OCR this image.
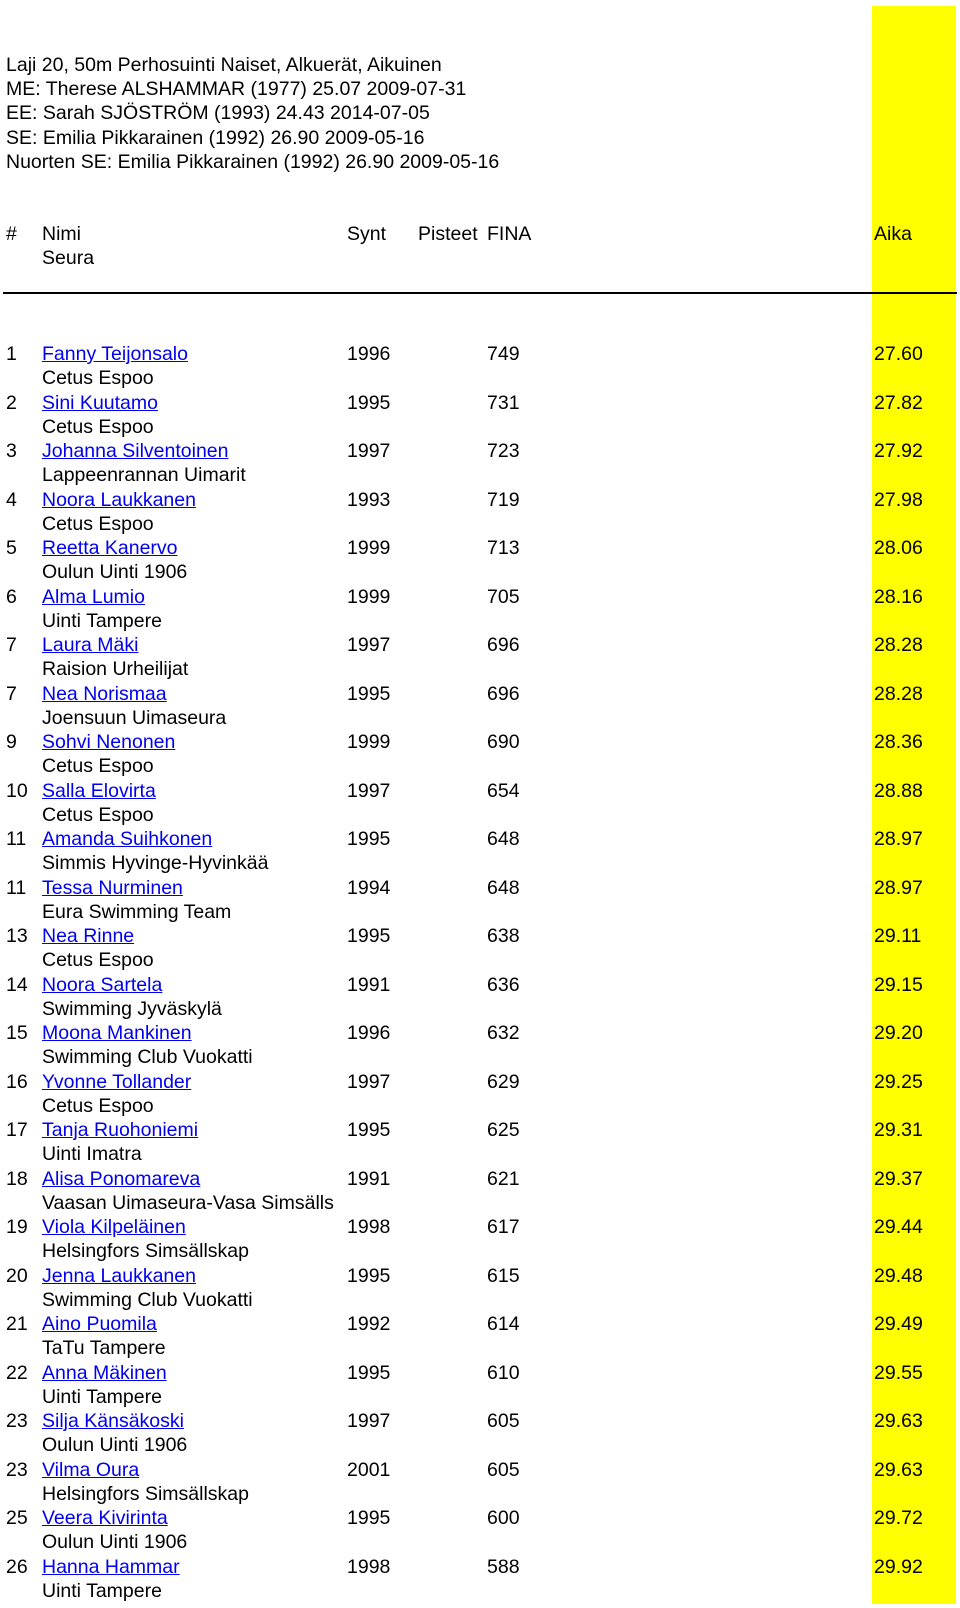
Laji 20, 50m Perhosuinti Naiset, Alkuerät, Aikuinen
ME: Therese ALSHAMMAR (1977) 25.07 2009-07-31
EE: Sarah SJÖSTRÖM (1993) 24.43 2014-07-05
SE: Emilia Pikkarainen (1992) 26.90 2009-05-16
Nuorten SE: Emilia Pikkarainen (1992) 26.90 2009-05-16
# Nimi
Seura
Synt Pisteet FINA	Aika
1 Fanny Teijonsalo	1996	749	27.60
Cetus Espoo
2 Sini Kuutamo	1995	731	27.82
Cetus Espoo
3 Johanna Silventoinen	1997	723	27.92
Lappeenrannan Uimarit
4 Noora Laukkanen	1993	719	27.98
Cetus Espoo
5 Reetta Kanervo	1999	713	28.06
Oulun Uinti 1906
6 Alma Lumio	1999	705	28.16
Uinti Tampere
7 Laura Mäki	1997	696	28.28
Raision Urheilijat
7 Nea Norismaa	1995	696	28.28
Joensuun Uimaseura
9 Sohvi Nenonen	1999	690	28.36
Cetus Espoo
10 Salla Elovirta	1997	654	28.88
Cetus Espoo
11 Amanda Suihkonen	1995	648	28.97
Simmis Hyvinge-Hyvinkää
11 Tessa Nurminen	1994	648	28.97
Eura Swimming Team
13 Nea Rinne	1995	638	29.11
Cetus Espoo
14 Noora Sartela	1991	636	29.15
Swimming Jyväskylä
15 Moona Mankinen	1996	632	29.20
Swimming Club Vuokatti
16 Yvonne Tollander	1997	629	29.25
Cetus Espoo
17 Tanja Ruohoniemi	1995	625	29.31
Uinti Imatra
18 Alisa Ponomareva	1991	621	29.37
Vaasan Uimaseura-Vasa Simsälls
19 Viola Kilpeläinen	1998	617	29.44
Helsingfors Simsällskap
20 Jenna Laukkanen	1995	615	29.48
Swimming Club Vuokatti
21 Aino Puomila	1992	614	29.49
TaTu Tampere
22 Anna Mäkinen	1995	610	29.55
Uinti Tampere
23 Silja Känsäkoski	1997	605	29.63
Oulun Uinti 1906
23 Vilma Oura	2001	605	29.63
Helsingfors Simsällskap
25 Veera Kivirinta	1995	600	29.72
Oulun Uinti 1906
26 Hanna Hammar	1998	588	29.92
Uinti Tampere
